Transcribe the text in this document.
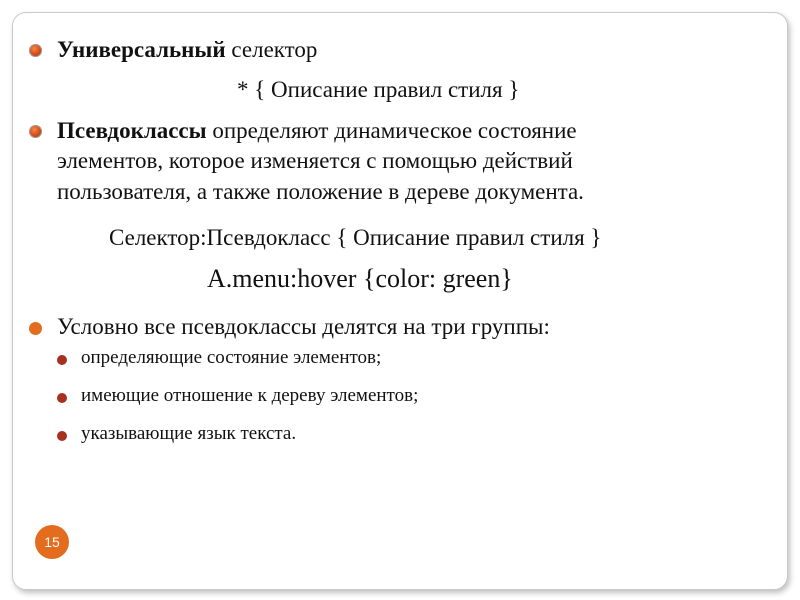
Универсальный селектор
* { Описание правил стиля }
Псевдоклассы определяют динамическое состояние
элементов, которое изменяется с помощью действий
пользователя, а также положение в дереве документа.
Селектор:Псевдокласс { Описание правил стиля }
A.menu:hover {color: green}
Условно все псевдоклассы делятся на три группы:
определяющие состояние элементов;
имеющие отношение к дереву элементов;
указывающие язык текста.
15
